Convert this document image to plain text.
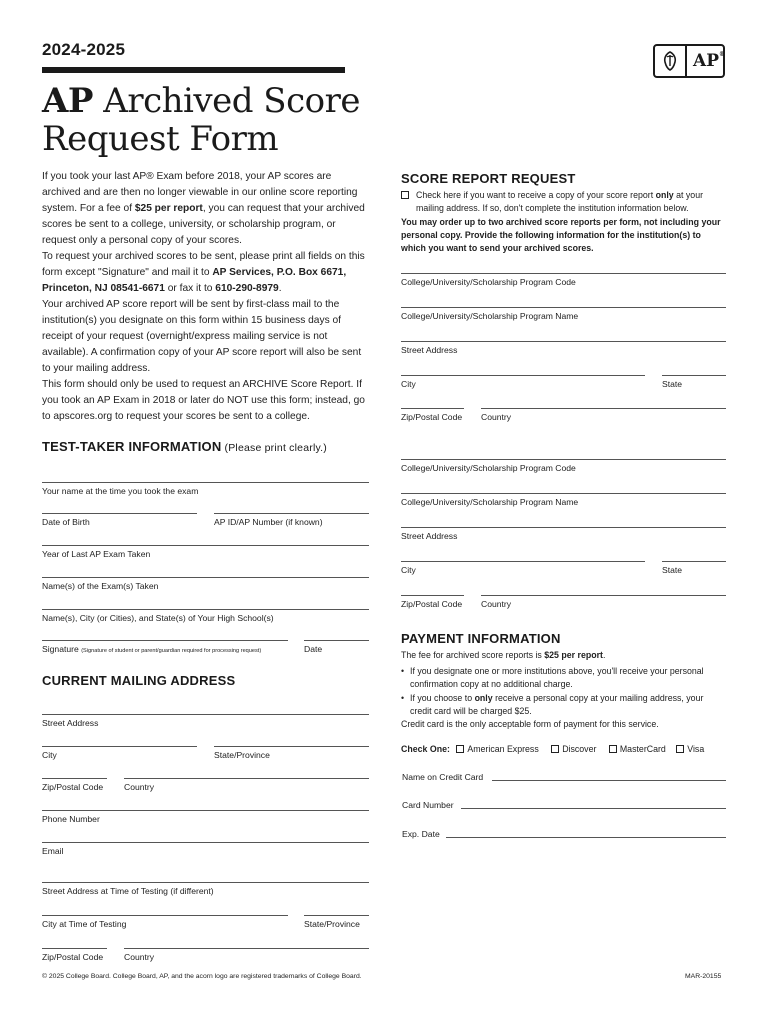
2024-2025
AP ®
AP Archived Score
Request Form
If you took your last AP® Exam before 2018, your AP scores are archived and are then no longer viewable in our online score reporting system. For a fee of $25 per report, you can request that your archived scores be sent to a college, university, or scholarship program, or request only a personal copy of your scores.
To request your archived scores to be sent, please print all fields on this form except "Signature" and mail it to AP Services, P.O. Box 6671, Princeton, NJ 08541-6671 or fax it to 610-290-8979.
Your archived AP score report will be sent by first-class mail to the institution(s) you designate on this form within 15 business days of receipt of your request (overnight/express mailing service is not available). A confirmation copy of your AP score report will also be sent to your mailing address.
This form should only be used to request an ARCHIVE Score Report. If you took an AP Exam in 2018 or later do NOT use this form; instead, go to apscores.org to request your scores be sent to a college.
TEST-TAKER INFORMATION (Please print clearly.)
Your name at the time you took the exam
Date of Birth	AP ID/AP Number (if known)
Year of Last AP Exam Taken
Name(s) of the Exam(s) Taken
Name(s), City (or Cities), and State(s) of Your High School(s)
Signature (Signature of student or parent/guardian required for processing request)	Date
CURRENT MAILING ADDRESS
Street Address
City	State/Province
Zip/Postal Code Country
Phone Number
Email
Street Address at Time of Testing (if different)
City at Time of Testing	State/Province
Zip/Postal Code Country
SCORE REPORT REQUEST
Check here if you want to receive a copy of your score report only at your mailing address. If so, don't complete the institution information below.
You may order up to two archived score reports per form, not including your personal copy. Provide the following information for the institution(s) to which you want to send your archived scores.
College/University/Scholarship Program Code
College/University/Scholarship Program Name
Street Address
City	State
Zip/Postal Code Country
College/University/Scholarship Program Code
College/University/Scholarship Program Name
Street Address
City	State
Zip/Postal Code Country
PAYMENT INFORMATION
The fee for archived score reports is $25 per report.
• If you designate one or more institutions above, you'll receive your personal confirmation copy at no additional charge.
• If you choose to only receive a personal copy at your mailing address, your credit card will be charged $25.
Credit card is the only acceptable form of payment for this service.
Check One: American Express	Discover	MasterCard Visa
Name on Credit Card
Card Number
Exp. Date
© 2025 College Board. College Board, AP, and the acorn logo are registered trademarks of College Board.	MAR-20155
